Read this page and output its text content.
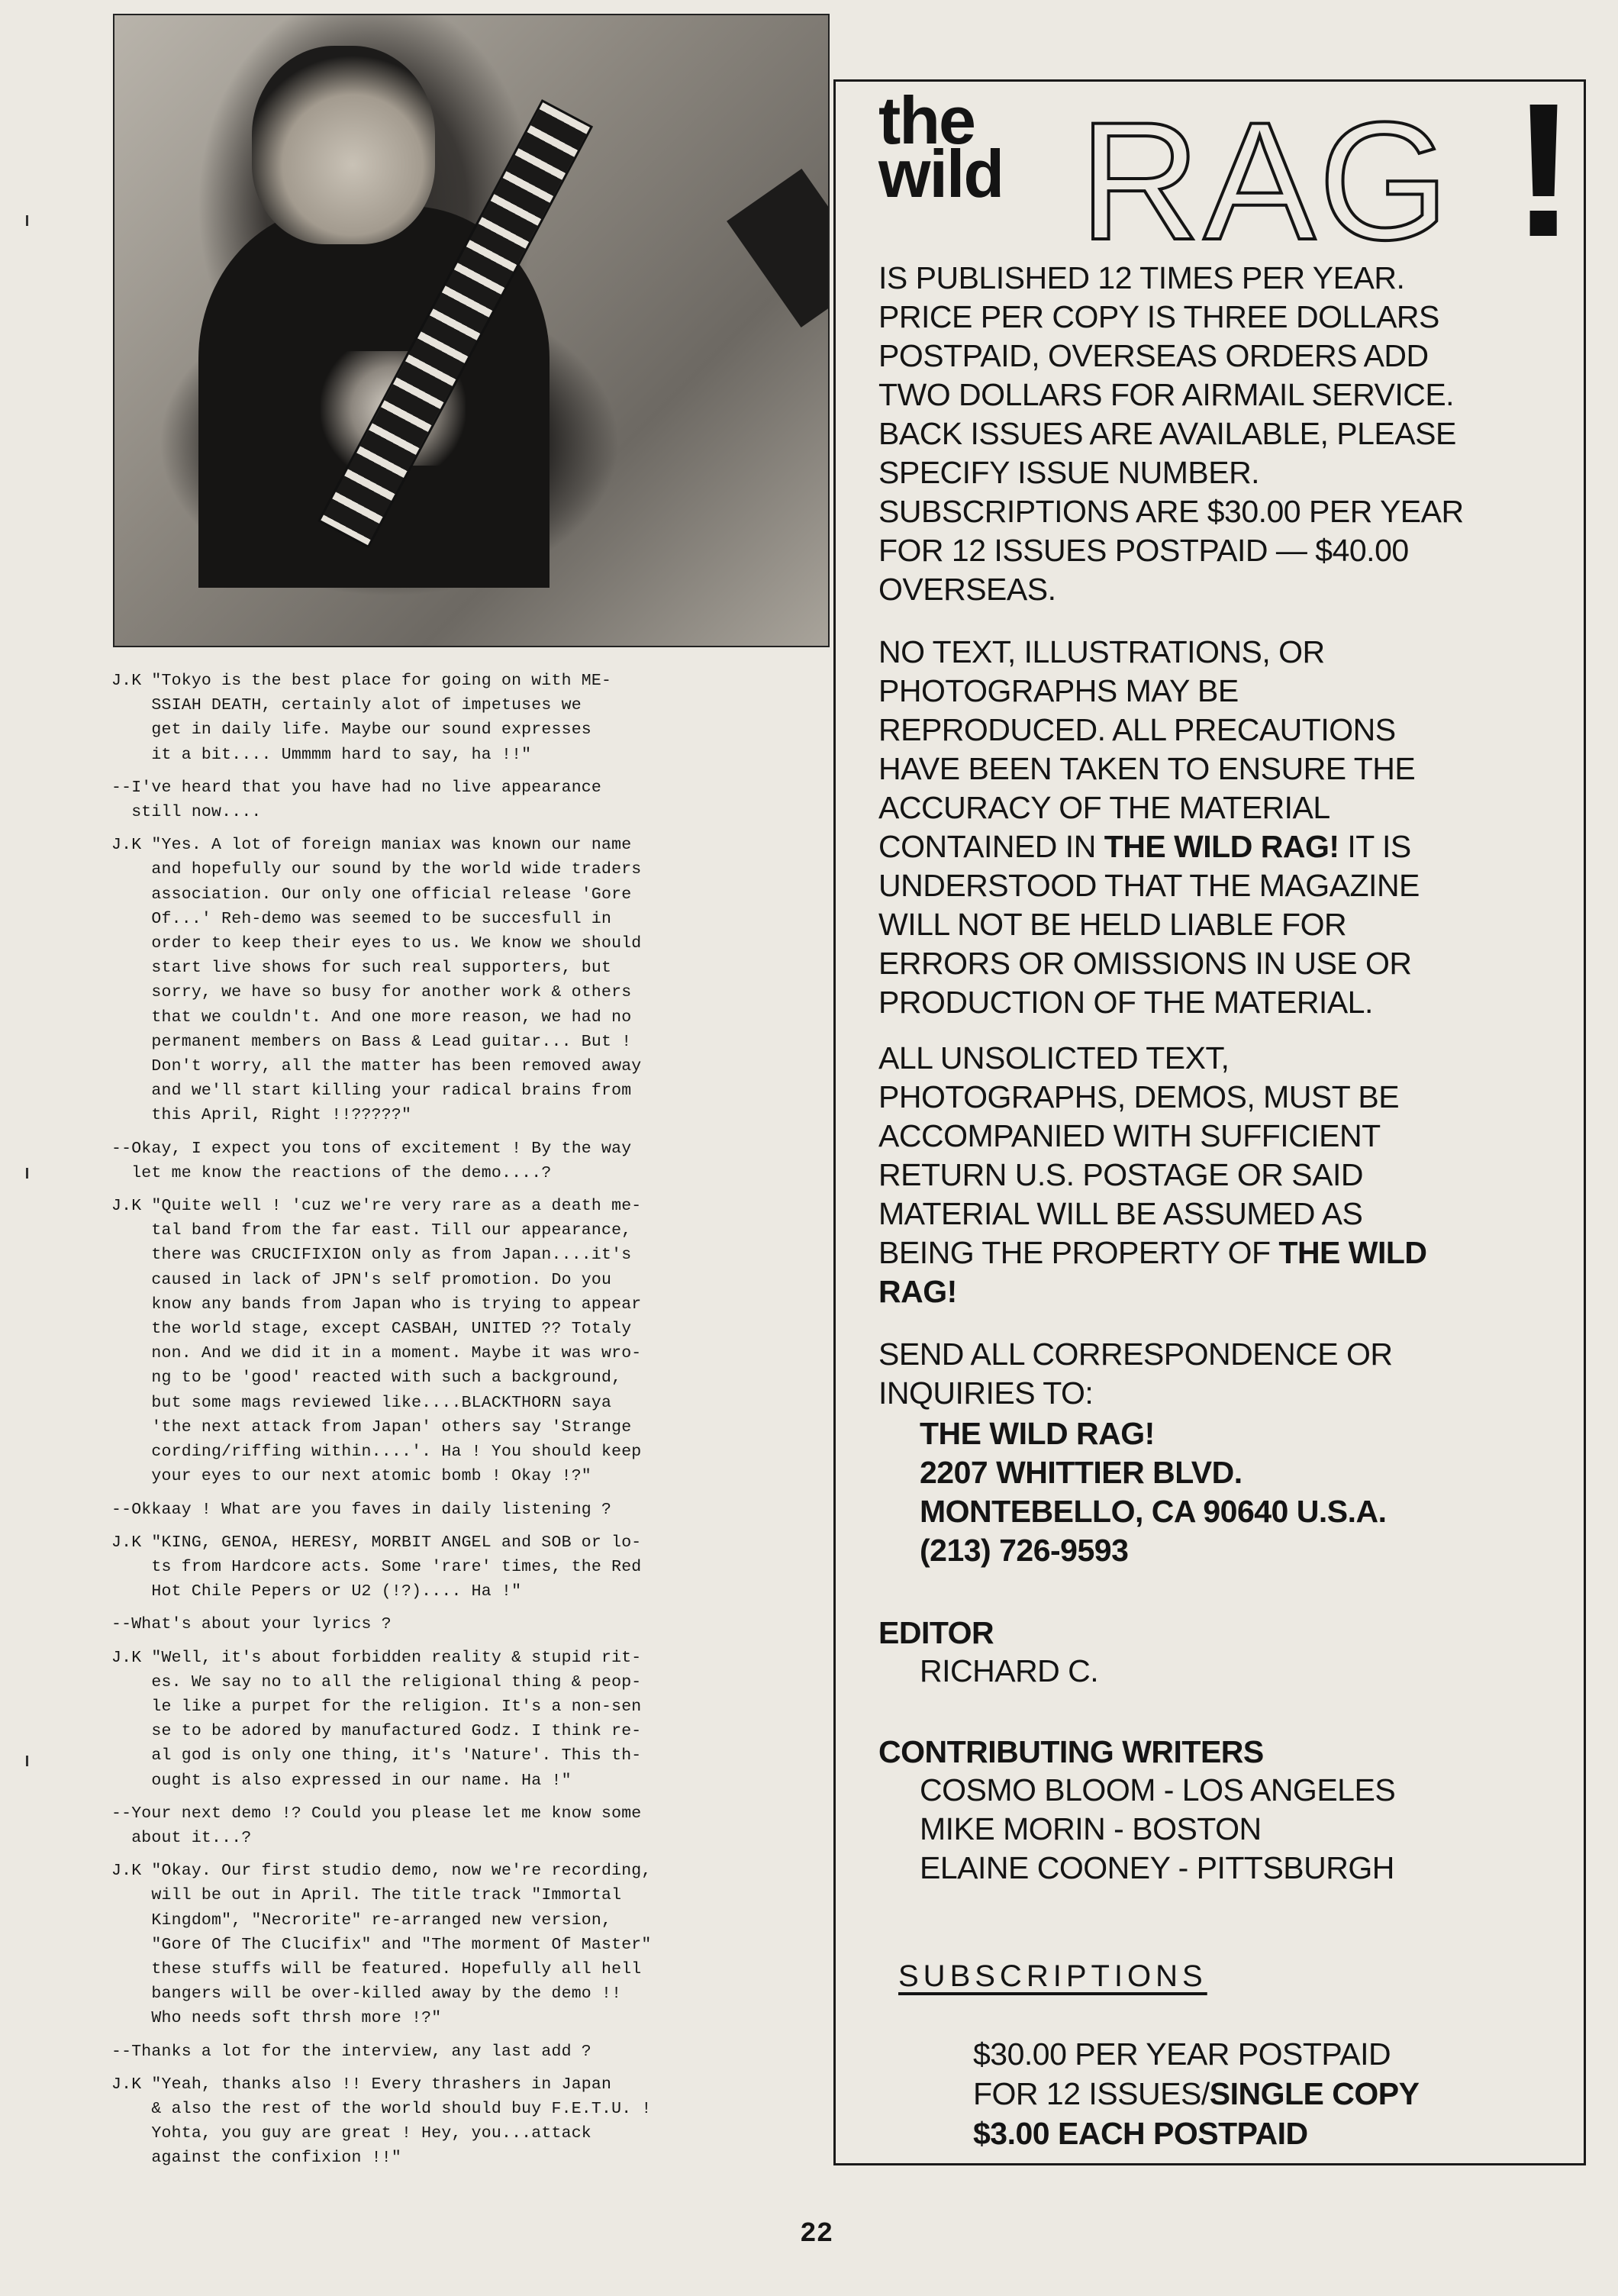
J.K "Tokyo is the best place for going on with ME-
SSIAH DEATH, certainly alot of impetuses we
get in daily life. Maybe our sound expresses
it a bit.... Ummmm hard to say, ha !!"

--I've heard that you have had no live appearance
still now....

J.K "Yes. A lot of foreign maniax was known our name
and hopefully our sound by the world wide traders
association. Our only one official release 'Gore
Of...' Reh-demo was seemed to be succesfull in
order to keep their eyes to us. We know we should
start live shows for such real supporters, but
sorry, we have so busy for another work & others
that we couldn't. And one more reason, we had no
permanent members on Bass & Lead guitar... But !
Don't worry, all the matter has been removed away
and we'll start killing your radical brains from
this April, Right !!?????"

--Okay, I expect you tons of excitement ! By the way
let me know the reactions of the demo....?

J.K "Quite well ! 'cuz we're very rare as a death me-
tal band from the far east. Till our appearance,
there was CRUCIFIXION only as from Japan....it's
caused in lack of JPN's self promotion. Do you
know any bands from Japan who is trying to appear
the world stage, except CASBAH, UNITED ?? Totaly
non. And we did it in a moment. Maybe it was wro-
ng to be 'good' reacted with such a background,
but some mags reviewed like....BLACKTHORN saya
'the next attack from Japan' others say 'Strange
cording/riffing within....'. Ha ! You should keep
your eyes to our next atomic bomb ! Okay !?"

--Okkaay ! What are you faves in daily listening ?

J.K "KING, GENOA, HERESY, MORBIT ANGEL and SOB or lo-
ts from Hardcore acts. Some 'rare' times, the Red
Hot Chile Pepers or U2 (!?).... Ha !"

--What's about your lyrics ?

J.K "Well, it's about forbidden reality & stupid rit-
es. We say no to all the religional thing & peop-
le like a purpet for the religion. It's a non-sen
se to be adored by manufactured Godz. I think re-
al god is only one thing, it's 'Nature'. This th-
ought is also expressed in our name. Ha !"

--Your next demo !? Could you please let me know some
about it...?

J.K "Okay. Our first studio demo, now we're recording,
will be out in April. The title track "Immortal
Kingdom", "Necrorite" re-arranged new version,
"Gore Of The Clucifix" and "The morment Of Master"
these stuffs will be featured. Hopefully all hell
bangers will be over-killed away by the demo !!
Who needs soft thrsh more !?"

--Thanks a lot for the interview, any last add ?

J.K "Yeah, thanks also !! Every thrashers in Japan
& also the rest of the world should buy F.E.T.U. !
Yohta, you guy are great ! Hey, you...attack
against the confixion !!"

22
the
wild RAG !
IS PUBLISHED 12 TIMES PER YEAR.
PRICE PER COPY IS THREE DOLLARS
POSTPAID, OVERSEAS ORDERS ADD
TWO DOLLARS FOR AIRMAIL SERVICE.
BACK ISSUES ARE AVAILABLE, PLEASE
SPECIFY ISSUE NUMBER.
SUBSCRIPTIONS ARE $30.00 PER YEAR
FOR 12 ISSUES POSTPAID — $40.00
OVERSEAS.
NO TEXT, ILLUSTRATIONS, OR
PHOTOGRAPHS MAY BE
REPRODUCED. ALL PRECAUTIONS
HAVE BEEN TAKEN TO ENSURE THE
ACCURACY OF THE MATERIAL
CONTAINED IN THE WILD RAG! IT IS
UNDERSTOOD THAT THE MAGAZINE
WILL NOT BE HELD LIABLE FOR
ERRORS OR OMISSIONS IN USE OR
PRODUCTION OF THE MATERIAL.
ALL UNSOLICTED TEXT,
PHOTOGRAPHS, DEMOS, MUST BE
ACCOMPANIED WITH SUFFICIENT
RETURN U.S. POSTAGE OR SAID
MATERIAL WILL BE ASSUMED AS
BEING THE PROPERTY OF THE WILD
RAG!
SEND ALL CORRESPONDENCE OR
INQUIRIES TO:
THE WILD RAG!
2207 WHITTIER BLVD.
MONTEBELLO, CA 90640 U.S.A.
(213) 726-9593
EDITOR
RICHARD C.
CONTRIBUTING WRITERS
COSMO BLOOM - LOS ANGELES
MIKE MORIN - BOSTON
ELAINE COONEY - PITTSBURGH
SUBSCRIPTIONS
$30.00 PER YEAR POSTPAID
FOR 12 ISSUES/SINGLE COPY
$3.00 EACH POSTPAID
